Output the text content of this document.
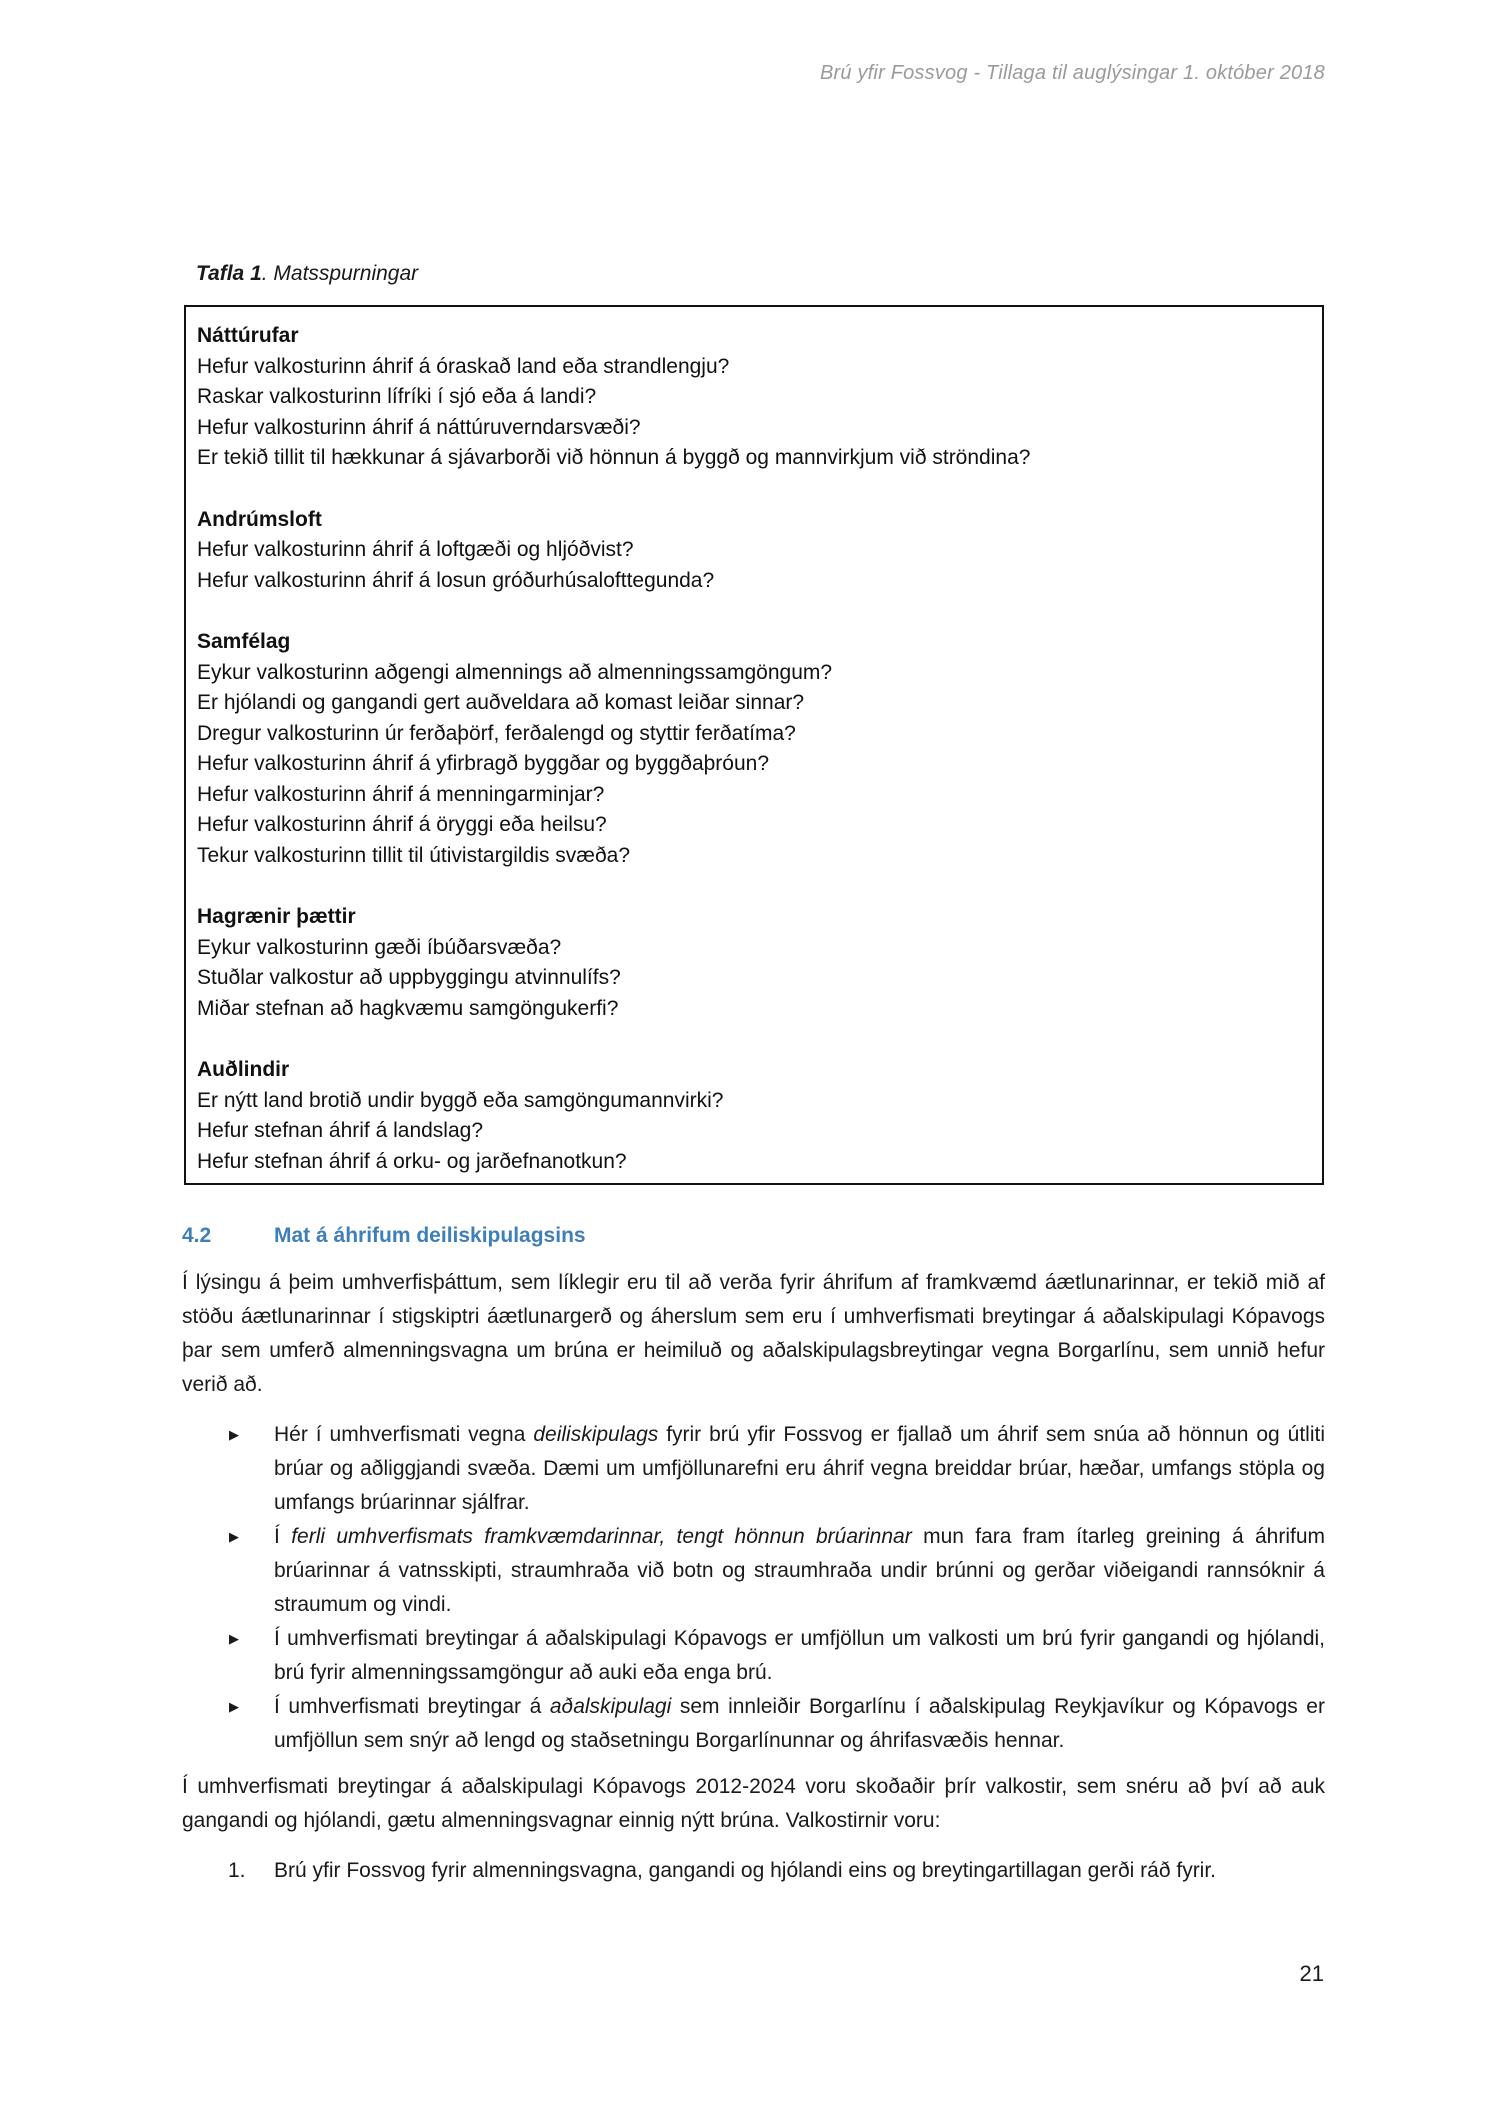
Brú yfir Fossvog - Tillaga til auglýsingar 1. október 2018
Tafla 1. Matsspurningar
Náttúrufar
Hefur valkosturinn áhrif á óraskað land eða strandlengju?
Raskar valkosturinn lífríki í sjó eða á landi?
Hefur valkosturinn áhrif á náttúruverndarsvæði?
Er tekið tillit til hækkunar á sjávarborði við hönnun á byggð og mannvirkjum við ströndina?
Andrúmsloft
Hefur valkosturinn áhrif á loftgæði og hljóðvist?
Hefur valkosturinn áhrif á losun gróðurhúsalofttegunda?
Samfélag
Eykur valkosturinn aðgengi almennings að almenningssamgöngum?
Er hjólandi og gangandi gert auðveldara að komast leiðar sinnar?
Dregur valkosturinn úr ferðaþörf, ferðalengd og styttir ferðatíma?
Hefur valkosturinn áhrif á yfirbragð byggðar og byggðaþróun?
Hefur valkosturinn áhrif á menningarminjar?
Hefur valkosturinn áhrif á öryggi eða heilsu?
Tekur valkosturinn tillit til útivistargildis svæða?
Hagrænir þættir
Eykur valkosturinn gæði íbúðarsvæða?
Stuðlar valkostur að uppbyggingu atvinnulífs?
Miðar stefnan að hagkvæmu samgöngukerfi?
Auðlindir
Er nýtt land brotið undir byggð eða samgöngumannvirki?
Hefur stefnan áhrif á landslag?
Hefur stefnan áhrif á orku- og jarðefnanotkun?
4.2	Mat á áhrifum deiliskipulagsins
Í lýsingu á þeim umhverfisþáttum, sem líklegir eru til að verða fyrir áhrifum af framkvæmd áætlunarinnar, er tekið mið af stöðu áætlunarinnar í stigskiptri áætlunargerð og áherslum sem eru í umhverfismati breytingar á aðalskipulagi Kópavogs þar sem umferð almenningsvagna um brúna er heimiluð og aðalskipulagsbreytingar vegna Borgarlínu, sem unnið hefur verið að.
▶ Hér í umhverfismati vegna deiliskipulags fyrir brú yfir Fossvog er fjallað um áhrif sem snúa að hönnun og útliti brúar og aðliggjandi svæða. Dæmi um umfjöllunarefni eru áhrif vegna breiddar brúar, hæðar, umfangs stöpla og umfangs brúarinnar sjálfrar.
▶ Í ferli umhverfismats framkvæmdarinnar, tengt hönnun brúarinnar mun fara fram ítarleg greining á áhrifum brúarinnar á vatnsskipti, straumhraða við botn og straumhraða undir brúnni og gerðar viðeigandi rannsóknir á straumum og vindi.
▶ Í umhverfismati breytingar á aðalskipulagi Kópavogs er umfjöllun um valkosti um brú fyrir gangandi og hjólandi, brú fyrir almenningssamgöngur að auki eða enga brú.
▶ Í umhverfismati breytingar á aðalskipulagi sem innleiðir Borgarlínu í aðalskipulag Reykjavíkur og Kópavogs er umfjöllun sem snýr að lengd og staðsetningu Borgarlínunnar og áhrifasvæðis hennar.
Í umhverfismati breytingar á aðalskipulagi Kópavogs 2012-2024 voru skoðaðir þrír valkostir, sem snéru að því að auk gangandi og hjólandi, gætu almenningsvagnar einnig nýtt brúna. Valkostirnir voru:
1. Brú yfir Fossvog fyrir almenningsvagna, gangandi og hjólandi eins og breytingartillagan gerði ráð fyrir.
21
